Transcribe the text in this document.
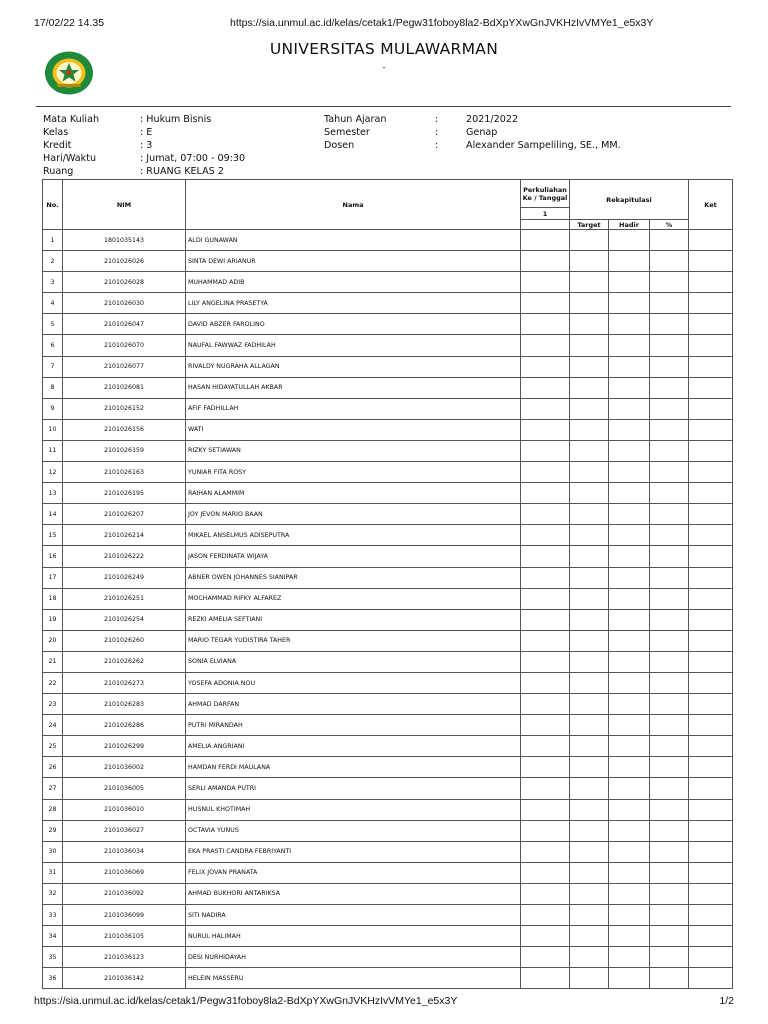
17/02/22 14.35	https://sia.unmul.ac.id/kelas/cetak1/Pegw31foboy8la2-BdXpYXwGnJVKHzIvVMYe1_e5x3Y
UNIVERSITAS MULAWARMAN
-
Mata Kuliah	: Hukum Bisnis	Tahun Ajaran	:	2021/2022
Kelas	: E	Semester	:	Genap
Kredit	: 3	Dosen	:	Alexander Sampeliling, SE., MM.
Hari/Waktu	: Jumat, 07:00 - 09:30
Ruang	: RUANG KELAS 2
No.	NIM	Nama	Perkuliahan Ke / Tanggal	Rekapitulasi			Ket
			1				
				Target	Hadir	%	
1	1801035143	ALDI GUNAWAN					
2	2101026026	SINTA DEWI ARIANUR					
3	2101026028	MUHAMMAD ADIB					
4	2101026030	LILY ANGELINA PRASETYA					
5	2101026047	DAVID ABZER FAROLINO					
6	2101026070	NAUFAL FAWWAZ FADHILAH					
7	2101026077	RIVALDY NUGRAHA ALLAGAN					
8	2101026081	HASAN HIDAYATULLAH AKBAR					
9	2101026152	AFIF FADHILLAH					
10	2101026156	WATI					
11	2101026159	RIZKY SETIAWAN					
12	2101026163	YUNIAR FITA ROSY					
13	2101026195	RAIHAN ALAMMIM					
14	2101026207	JOY JEVON MARIO BAAN					
15	2101026214	MIKAEL ANSELMUS ADISEPUTRA					
16	2101026222	JASON FERDINATA WIJAYA					
17	2101026249	ABNER OWEN JOHANNES SIANIPAR					
18	2101026251	MOCHAMMAD RIFKY ALFAREZ					
19	2101026254	REZKI AMELIA SEFTIANI					
20	2101026260	MARIO TEGAR YUDISTIRA TAHER					
21	2101026262	SONIA ELVIANA					
22	2101026273	YOSEFA ADONIA NOU					
23	2101026283	AHMAD DARFAN					
24	2101026286	PUTRI MIRANDAH					
25	2101026299	AMELIA ANGRIANI					
26	2101036002	HAMDAN FERDI MAULANA					
27	2101036005	SERLI AMANDA PUTRI					
28	2101036010	HUSNUL KHOTIMAH					
29	2101036027	OCTAVIA YUNUS					
30	2101036034	EKA PRASTI CANDRA FEBRIYANTI					
31	2101036069	FELIX JOVAN PRANATA					
32	2101036092	AHMAD BUKHORI ANTARIKSA					
33	2101036099	SITI NADIRA					
34	2101036105	NURUL HALIMAH					
35	2101036123	DESI NURHIDAYAH					
36	2101036142	HELEIN MASSERU					
https://sia.unmul.ac.id/kelas/cetak1/Pegw31foboy8la2-BdXpYXwGnJVKHzIvVMYe1_e5x3Y	1/2
